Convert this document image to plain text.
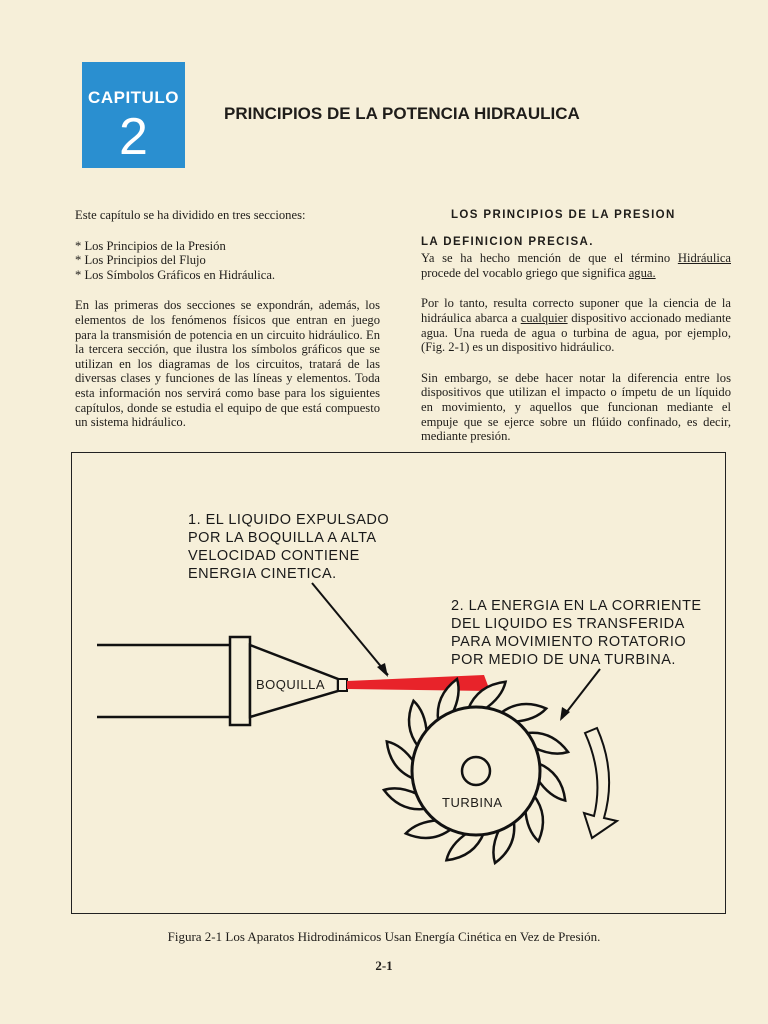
CAPITULO
2	PRINCIPIOS DE LA POTENCIA HIDRAULICA

Este capítulo se ha dividido en tres secciones:

* Los Principios de la Presión
* Los Principios del Flujo
* Los Símbolos Gráficos en Hidráulica.

En las primeras dos secciones se expondrán, además, los elementos de los fenómenos físicos que entran en juego para la transmisión de potencia en un circuito hidráulico. En la tercera sección, que ilustra los símbolos gráficos que se utilizan en los diagramas de los circuitos, tratará de las diversas clases y funciones de las líneas y elementos. Toda esta información nos servirá como base para los siguientes capítulos, donde se estudia el equipo de que está compuesto un sistema hidráulico.

LOS PRINCIPIOS DE LA PRESION
LA DEFINICION PRECISA.

Ya se ha hecho mención de que el término Hidráulica procede del vocablo griego que significa agua.

Por lo tanto, resulta correcto suponer que la ciencia de la hidráulica abarca a cualquier dispositivo accionado mediante agua. Una rueda de agua o turbina de agua, por ejemplo, (Fig. 2-1) es un dispositivo hidráulico.

Sin embargo, se debe hacer notar la diferencia entre los dispositivos que utilizan el impacto o ímpetu de un líquido en movimiento, y aquellos que funcionan mediante el empuje que se ejerce sobre un flúido confinado, es decir, mediante presión.

1. EL LIQUIDO EXPULSADO POR LA BOQUILLA A ALTA VELOCIDAD CONTIENE ENERGIA CINETICA.
2. LA ENERGIA EN LA CORRIENTE DEL LIQUIDO ES TRANSFERIDA PARA MOVIMIENTO ROTATORIO POR MEDIO DE UNA TURBINA.
BOQUILLA
TURBINA
Figura 2-1 Los Aparatos Hidrodinámicos Usan Energía Cinética en Vez de Presión.
2-1
